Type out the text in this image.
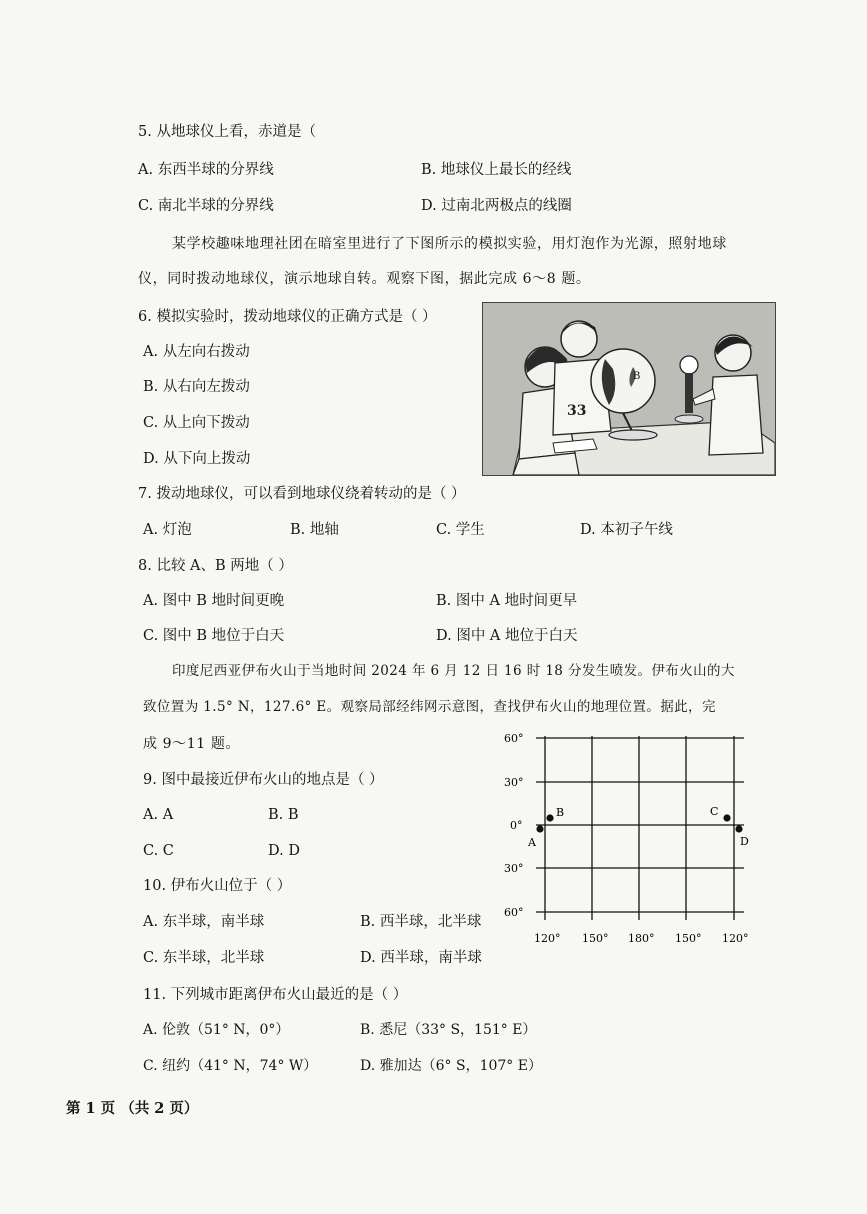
5. 从地球仪上看，赤道是（
A. 东西半球的分界线	B. 地球仪上最长的经线
C. 南北半球的分界线	D. 过南北两极点的线圈
某学校趣味地理社团在暗室里进行了下图所示的模拟实验，用灯泡作为光源，照射地球
仪，同时拨动地球仪，演示地球自转。观察下图，据此完成 6～8 题。
6. 模拟实验时，拨动地球仪的正确方式是（ ）
A. 从左向右拨动
B. 从右向左拨动
C. 从上向下拨动
D. 从下向上拨动
33
B
7. 拨动地球仪，可以看到地球仪绕着转动的是（ ）
A. 灯泡	B. 地轴	C. 学生	D. 本初子午线
8. 比较 A、B 两地（ ）
A. 图中 B 地时间更晚	B. 图中 A 地时间更早
C. 图中 B 地位于白天	D. 图中 A 地位于白天
印度尼西亚伊布火山于当地时间 2024 年 6 月 12 日 16 时 18 分发生喷发。伊布火山的大
致位置为 1.5° N，127.6° E。观察局部经纬网示意图，查找伊布火山的地理位置。据此，完
成 9～11 题。	60°
30°
0°
30°
60°
120° 150° 180° 150° 120°
A
B	C
D
9. 图中最接近伊布火山的地点是（ ）
A. A	B. B
C. C	D. D
10. 伊布火山位于（ ）
A. 东半球，南半球	B. 西半球，北半球
C. 东半球，北半球	D. 西半球，南半球
11. 下列城市距离伊布火山最近的是（ ）
A. 伦敦（51° N，0°）	B. 悉尼（33° S，151° E）
C. 纽约（41° N，74° W）	D. 雅加达（6° S，107° E）
第 1 页 （共 2 页）
